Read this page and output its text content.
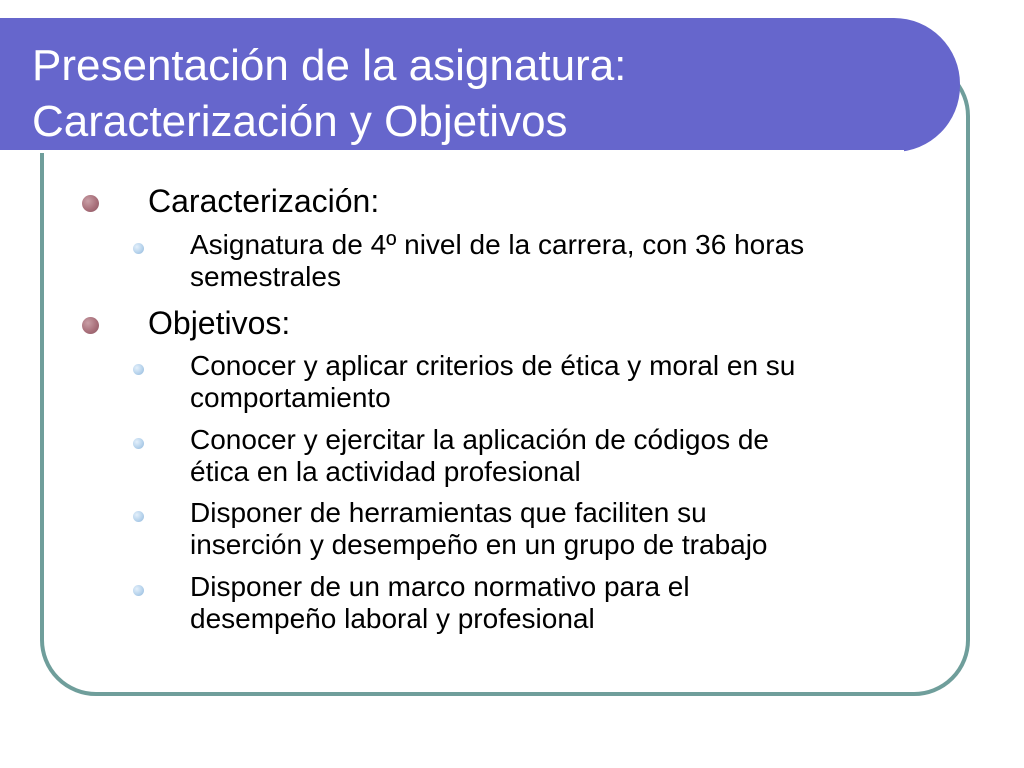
Presentación de la asignatura:
Caracterización y Objetivos
Caracterización:
Asignatura de 4º nivel de la carrera, con 36 horas
semestrales
Objetivos:
Conocer y aplicar criterios de ética y moral en su
comportamiento
Conocer y ejercitar la aplicación de códigos de
ética en la actividad profesional
Disponer de herramientas que faciliten su
inserción y desempeño en un grupo de trabajo
Disponer de un marco normativo para el
desempeño laboral y profesional
